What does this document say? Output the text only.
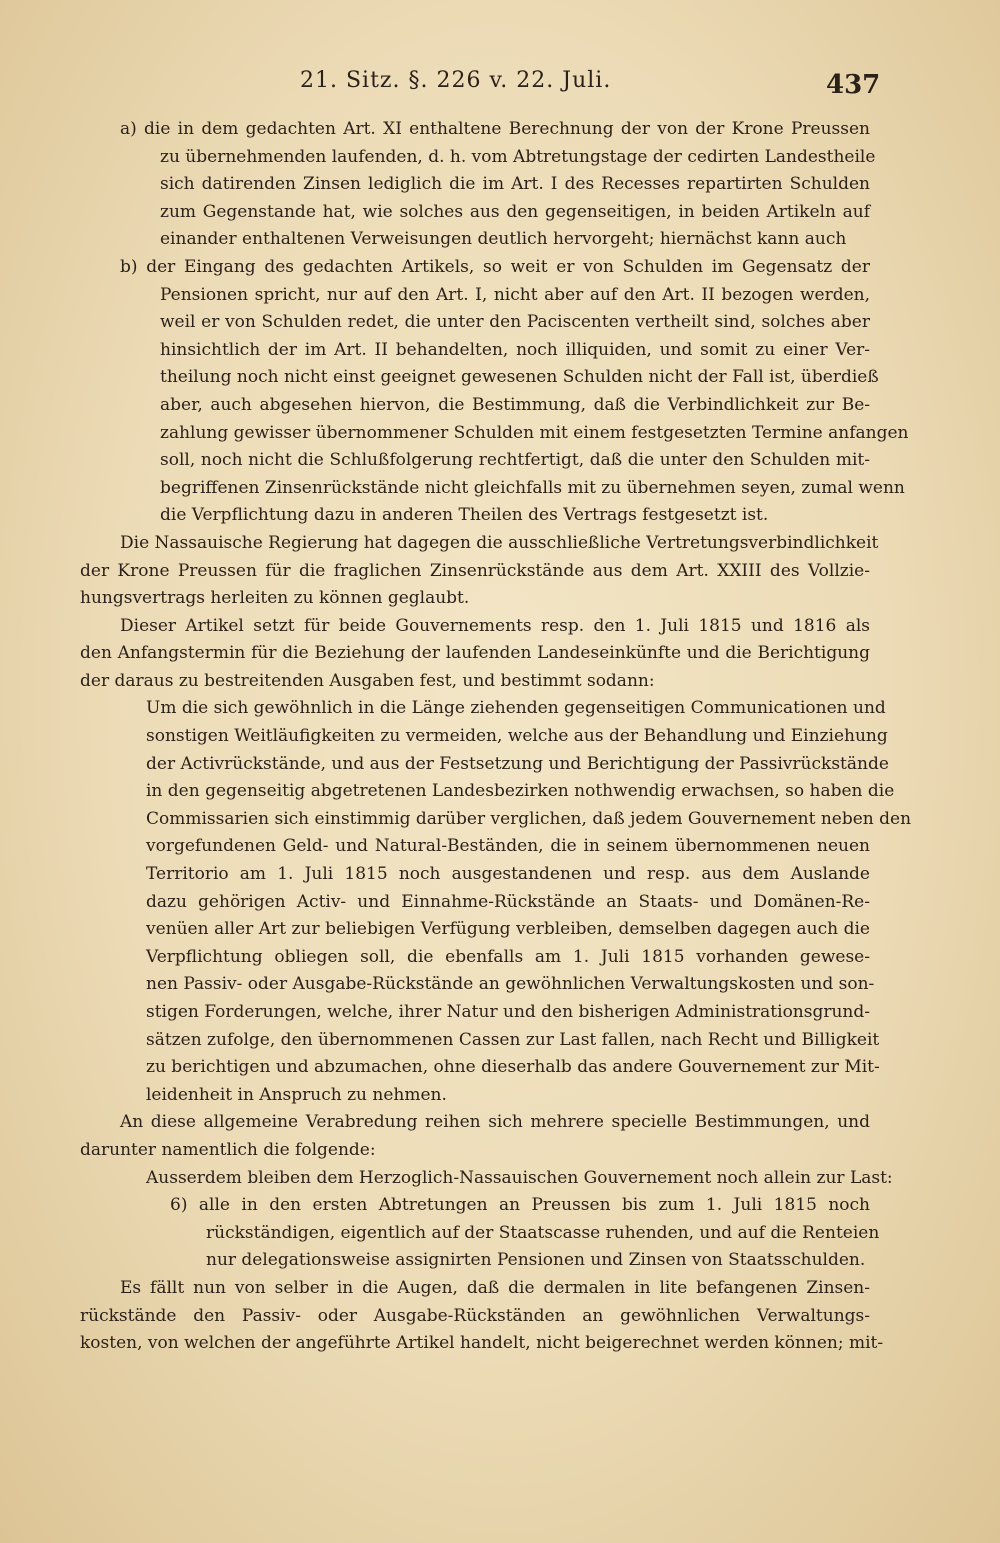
21. Sitz. §. 226 v. 22. Juli.	437
a) die in dem gedachten Art. XI enthaltene Berechnung der von der Krone Preussen
zu übernehmenden laufenden, d. h. vom Abtretungstage der cedirten Landestheile
sich datirenden Zinsen lediglich die im Art. I des Recesses repartirten Schulden
zum Gegenstande hat, wie solches aus den gegenseitigen, in beiden Artikeln auf
einander enthaltenen Verweisungen deutlich hervorgeht; hiernächst kann auch
b) der Eingang des gedachten Artikels, so weit er von Schulden im Gegensatz der
Pensionen spricht, nur auf den Art. I, nicht aber auf den Art. II bezogen werden,
weil er von Schulden redet, die unter den Paciscenten vertheilt sind, solches aber
hinsichtlich der im Art. II behandelten, noch illiquiden, und somit zu einer Ver-
theilung noch nicht einst geeignet gewesenen Schulden nicht der Fall ist, überdieß
aber, auch abgesehen hiervon, die Bestimmung, daß die Verbindlichkeit zur Be-
zahlung gewisser übernommener Schulden mit einem festgesetzten Termine anfangen
soll, noch nicht die Schlußfolgerung rechtfertigt, daß die unter den Schulden mit-
begriffenen Zinsenrückstände nicht gleichfalls mit zu übernehmen seyen, zumal wenn
die Verpflichtung dazu in anderen Theilen des Vertrags festgesetzt ist.
Die Nassauische Regierung hat dagegen die ausschließliche Vertretungsverbindlichkeit
der Krone Preussen für die fraglichen Zinsenrückstände aus dem Art. XXIII des Vollzie-
hungsvertrags herleiten zu können geglaubt.
Dieser Artikel setzt für beide Gouvernements resp. den 1. Juli 1815 und 1816 als
den Anfangstermin für die Beziehung der laufenden Landeseinkünfte und die Berichtigung
der daraus zu bestreitenden Ausgaben fest, und bestimmt sodann:
Um die sich gewöhnlich in die Länge ziehenden gegenseitigen Communicationen und
sonstigen Weitläufigkeiten zu vermeiden, welche aus der Behandlung und Einziehung
der Activrückstände, und aus der Festsetzung und Berichtigung der Passivrückstände
in den gegenseitig abgetretenen Landesbezirken nothwendig erwachsen, so haben die
Commissarien sich einstimmig darüber verglichen, daß jedem Gouvernement neben den
vorgefundenen Geld- und Natural-Beständen, die in seinem übernommenen neuen
Territorio am 1. Juli 1815 noch ausgestandenen und resp. aus dem Auslande
dazu gehörigen Activ- und Einnahme-Rückstände an Staats- und Domänen-Re-
venüen aller Art zur beliebigen Verfügung verbleiben, demselben dagegen auch die
Verpflichtung obliegen soll, die ebenfalls am 1. Juli 1815 vorhanden gewese-
nen Passiv- oder Ausgabe-Rückstände an gewöhnlichen Verwaltungskosten und son-
stigen Forderungen, welche, ihrer Natur und den bisherigen Administrationsgrund-
sätzen zufolge, den übernommenen Cassen zur Last fallen, nach Recht und Billigkeit
zu berichtigen und abzumachen, ohne dieserhalb das andere Gouvernement zur Mit-
leidenheit in Anspruch zu nehmen.
An diese allgemeine Verabredung reihen sich mehrere specielle Bestimmungen, und
darunter namentlich die folgende:
Ausserdem bleiben dem Herzoglich-Nassauischen Gouvernement noch allein zur Last:
6) alle in den ersten Abtretungen an Preussen bis zum 1. Juli 1815 noch
rückständigen, eigentlich auf der Staatscasse ruhenden, und auf die Renteien
nur delegationsweise assignirten Pensionen und Zinsen von Staatsschulden.
Es fällt nun von selber in die Augen, daß die dermalen in lite befangenen Zinsen-
rückstände den Passiv- oder Ausgabe-Rückständen an gewöhnlichen Verwaltungs-
kosten, von welchen der angeführte Artikel handelt, nicht beigerechnet werden können; mit-
